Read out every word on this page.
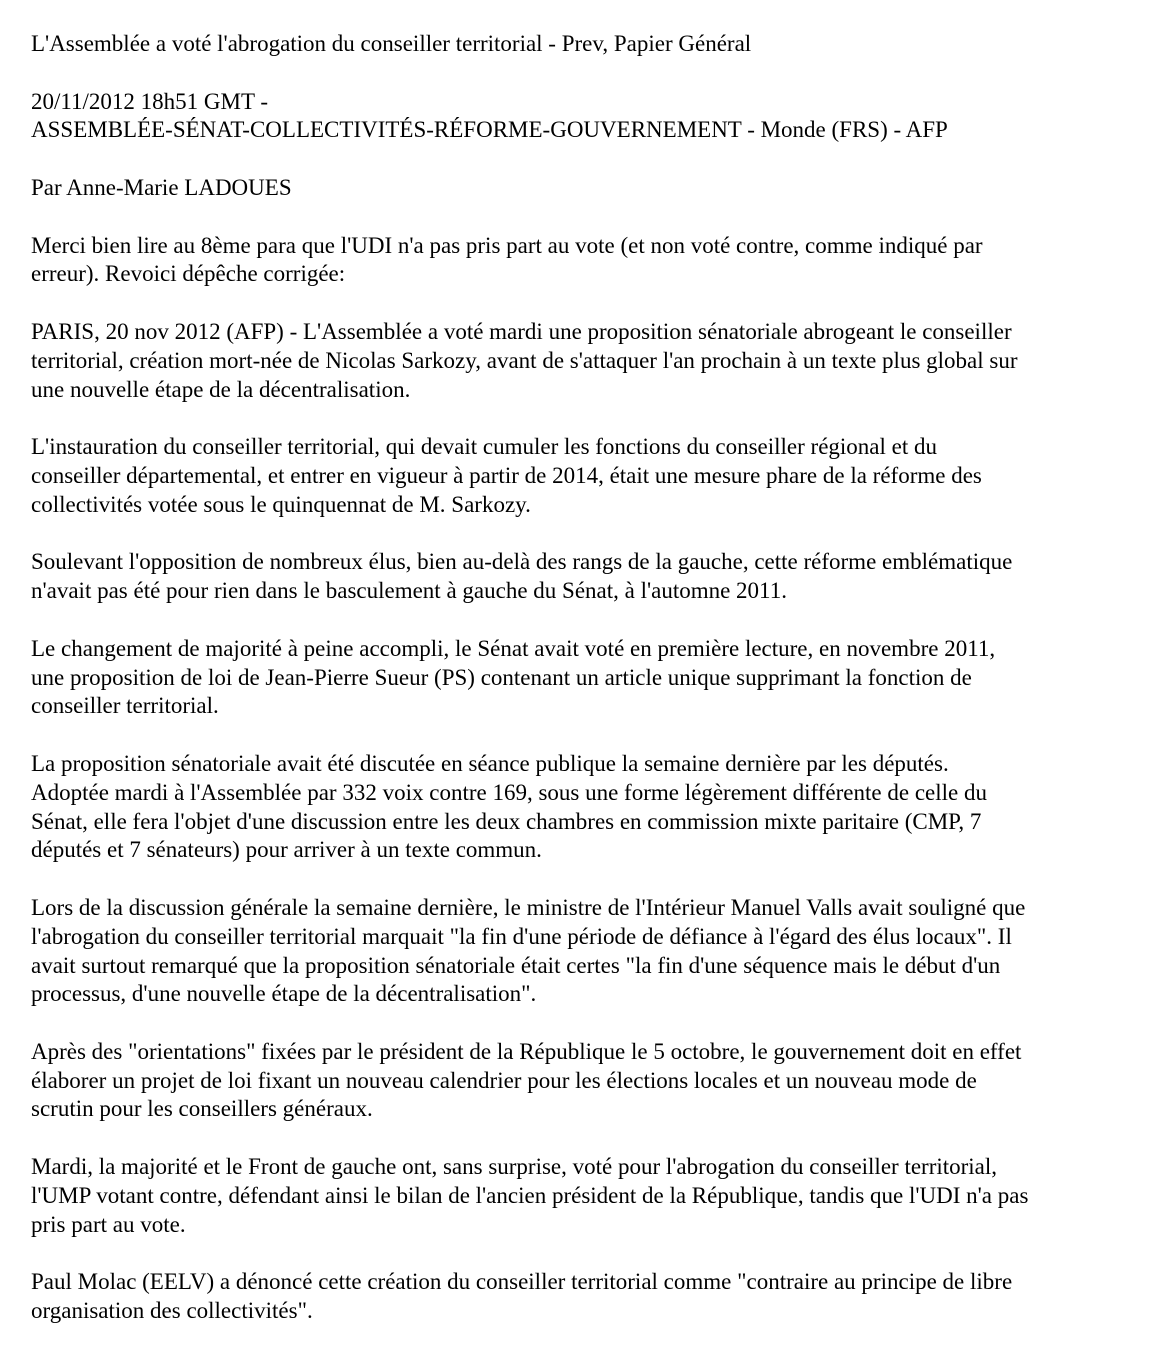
L'Assemblée a voté l'abrogation du conseiller territorial - Prev, Papier Général
20/11/2012 18h51 GMT -
ASSEMBLÉE-SÉNAT-COLLECTIVITÉS-RÉFORME-GOUVERNEMENT - Monde (FRS) - AFP
Par Anne-Marie LADOUES
Merci bien lire au 8ème para que l'UDI n'a pas pris part au vote (et non voté contre, comme indiqué par
erreur). Revoici dépêche corrigée:
PARIS, 20 nov 2012 (AFP) - L'Assemblée a voté mardi une proposition sénatoriale abrogeant le conseiller
territorial, création mort-née de Nicolas Sarkozy, avant de s'attaquer l'an prochain à un texte plus global sur
une nouvelle étape de la décentralisation.
L'instauration du conseiller territorial, qui devait cumuler les fonctions du conseiller régional et du
conseiller départemental, et entrer en vigueur à partir de 2014, était une mesure phare de la réforme des
collectivités votée sous le quinquennat de M. Sarkozy.
Soulevant l'opposition de nombreux élus, bien au-delà des rangs de la gauche, cette réforme emblématique
n'avait pas été pour rien dans le basculement à gauche du Sénat, à l'automne 2011.
Le changement de majorité à peine accompli, le Sénat avait voté en première lecture, en novembre 2011,
une proposition de loi de Jean-Pierre Sueur (PS) contenant un article unique supprimant la fonction de
conseiller territorial.
La proposition sénatoriale avait été discutée en séance publique la semaine dernière par les députés.
Adoptée mardi à l'Assemblée par 332 voix contre 169, sous une forme légèrement différente de celle du
Sénat, elle fera l'objet d'une discussion entre les deux chambres en commission mixte paritaire (CMP, 7
députés et 7 sénateurs) pour arriver à un texte commun.
Lors de la discussion générale la semaine dernière, le ministre de l'Intérieur Manuel Valls avait souligné que
l'abrogation du conseiller territorial marquait "la fin d'une période de défiance à l'égard des élus locaux". Il
avait surtout remarqué que la proposition sénatoriale était certes "la fin d'une séquence mais le début d'un
processus, d'une nouvelle étape de la décentralisation".
Après des "orientations" fixées par le président de la République le 5 octobre, le gouvernement doit en effet
élaborer un projet de loi fixant un nouveau calendrier pour les élections locales et un nouveau mode de
scrutin pour les conseillers généraux.
Mardi, la majorité et le Front de gauche ont, sans surprise, voté pour l'abrogation du conseiller territorial,
l'UMP votant contre, défendant ainsi le bilan de l'ancien président de la République, tandis que l'UDI n'a pas
pris part au vote.
Paul Molac (EELV) a dénoncé cette création du conseiller territorial comme "contraire au principe de libre
organisation des collectivités".
